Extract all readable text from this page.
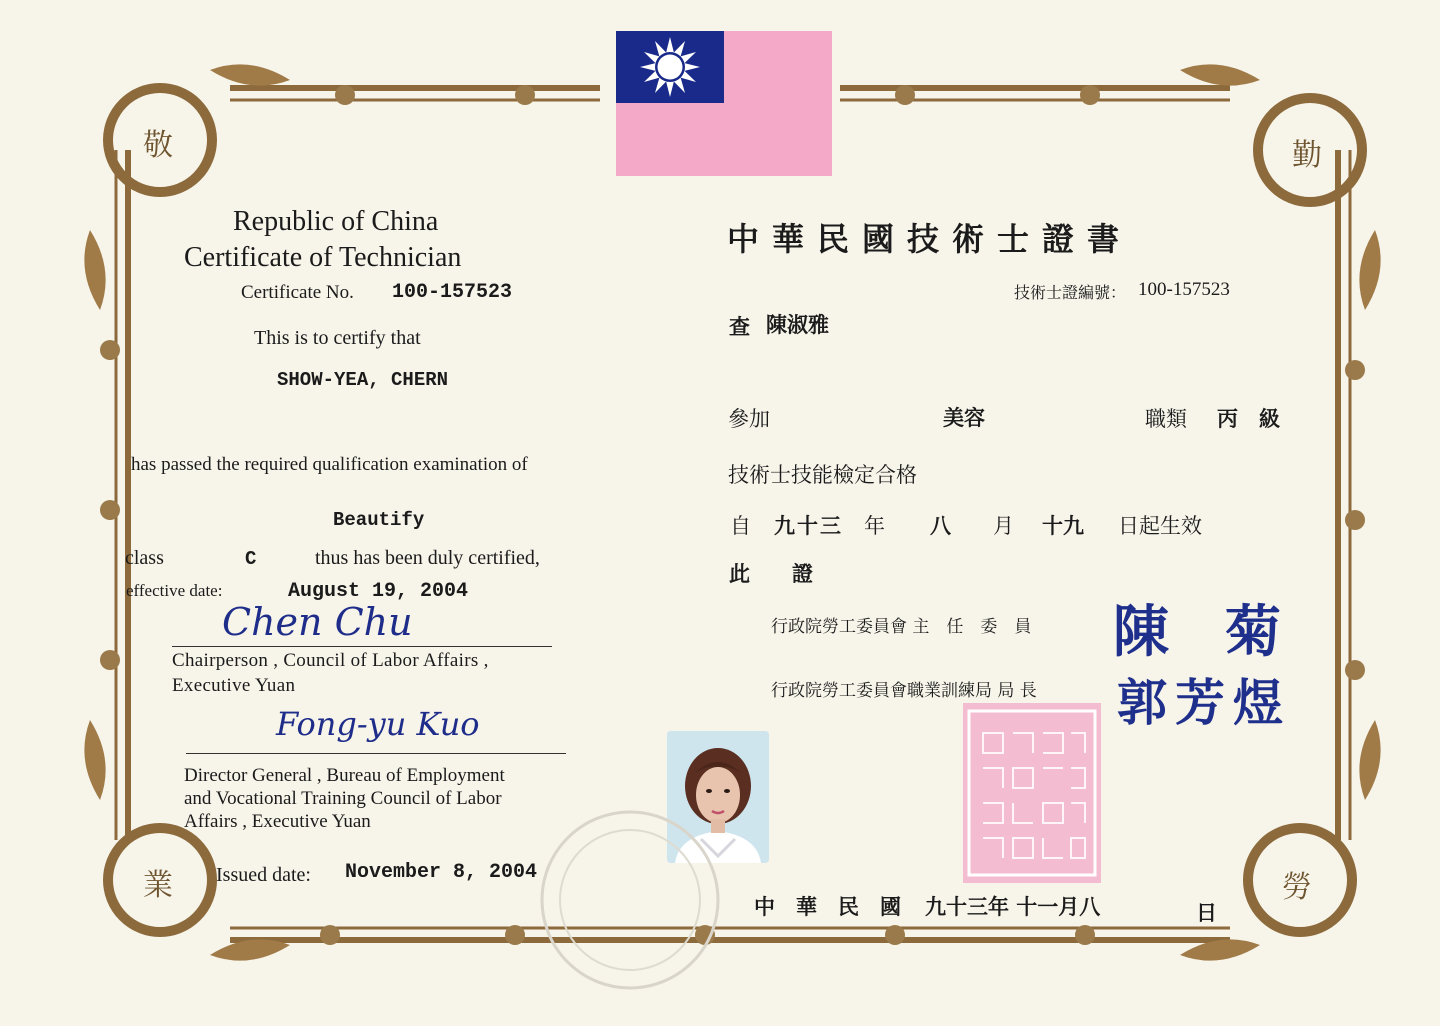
敬	勤
業	勞
Republic of China
Certificate of Technician
Certificate No. 100-157523
This is to certify that
SHOW-YEA, CHERN
has passed the required qualification examination of
Beautify
class	C	thus has been duly certified,
effective date:	August 19, 2004
Chen Chu
Chairperson , Council of Labor Affairs ,
Executive Yuan
Fong-yu Kuo
Director General , Bureau of Employment
and Vocational Training Council of Labor
Affairs , Executive Yuan
Issued date: November 8, 2004
中華民國技術士證書
技術士證編號： 100-157523
查 陳淑雅
參加	美容	職類 丙　級
技術士技能檢定合格
自 九十三 年 八 月 十九 日起生效
此　　證
行政院勞工委員會 主　任　委　員 陳　菊
行政院勞工委員會職業訓練局 局 長 郭芳煜
中　華　民　國 九十三年 十一月八	日
